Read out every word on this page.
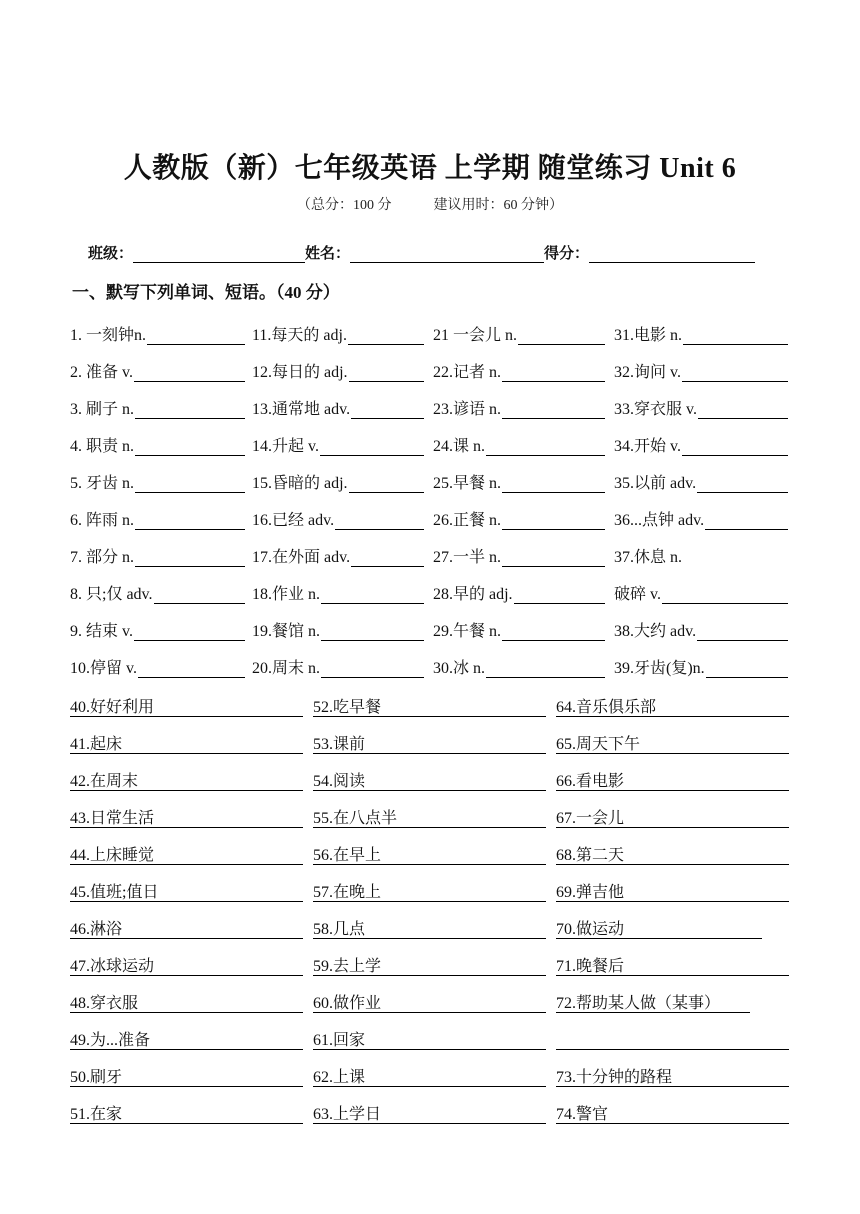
人教版（新）七年级英语 上学期 随堂练习 Unit 6
（总分：100 分	建议用时：60 分钟）
班级：	姓名：	得分：
一、默写下列单词、短语。（40 分）
1. 一刻钟n.	11.每天的 adj.	21 一会儿 n.	31.电影 n.
2. 准备 v.	12.每日的 adj.	22.记者 n.	32.询问 v.
3. 刷子 n.	13.通常地 adv.	23.谚语 n.	33.穿衣服 v.
4. 职责 n.	14.升起 v.	24.课 n.	34.开始 v.
5. 牙齿 n.	15.昏暗的 adj.	25.早餐 n.	35.以前 adv.
6. 阵雨 n.	16.已经 adv.	26.正餐 n.	36...点钟 adv.
7. 部分 n.	17.在外面 adv.	27.一半 n.	37.休息 n.
8. 只;仅 adv.	18.作业 n.	28.早的 adj.	破碎 v.
9. 结束 v.	19.餐馆 n.	29.午餐 n.	38.大约 adv.
10.停留 v.	20.周末 n.	30.冰 n.	39.牙齿(复)n.
40.好好利用	52.吃早餐	64.音乐俱乐部
41.起床	53.课前	65.周天下午
42.在周末	54.阅读	66.看电影
43.日常生活	55.在八点半	67.一会儿
44.上床睡觉	56.在早上	68.第二天
45.值班;值日	57.在晚上	69.弹吉他
46.淋浴	58.几点	70.做运动
47.冰球运动	59.去上学	71.晚餐后
48.穿衣服	60.做作业	72.帮助某人做（某事）
49.为...准备	61.回家
50.刷牙	62.上课	73.十分钟的路程
51.在家	63.上学日	74.警官
